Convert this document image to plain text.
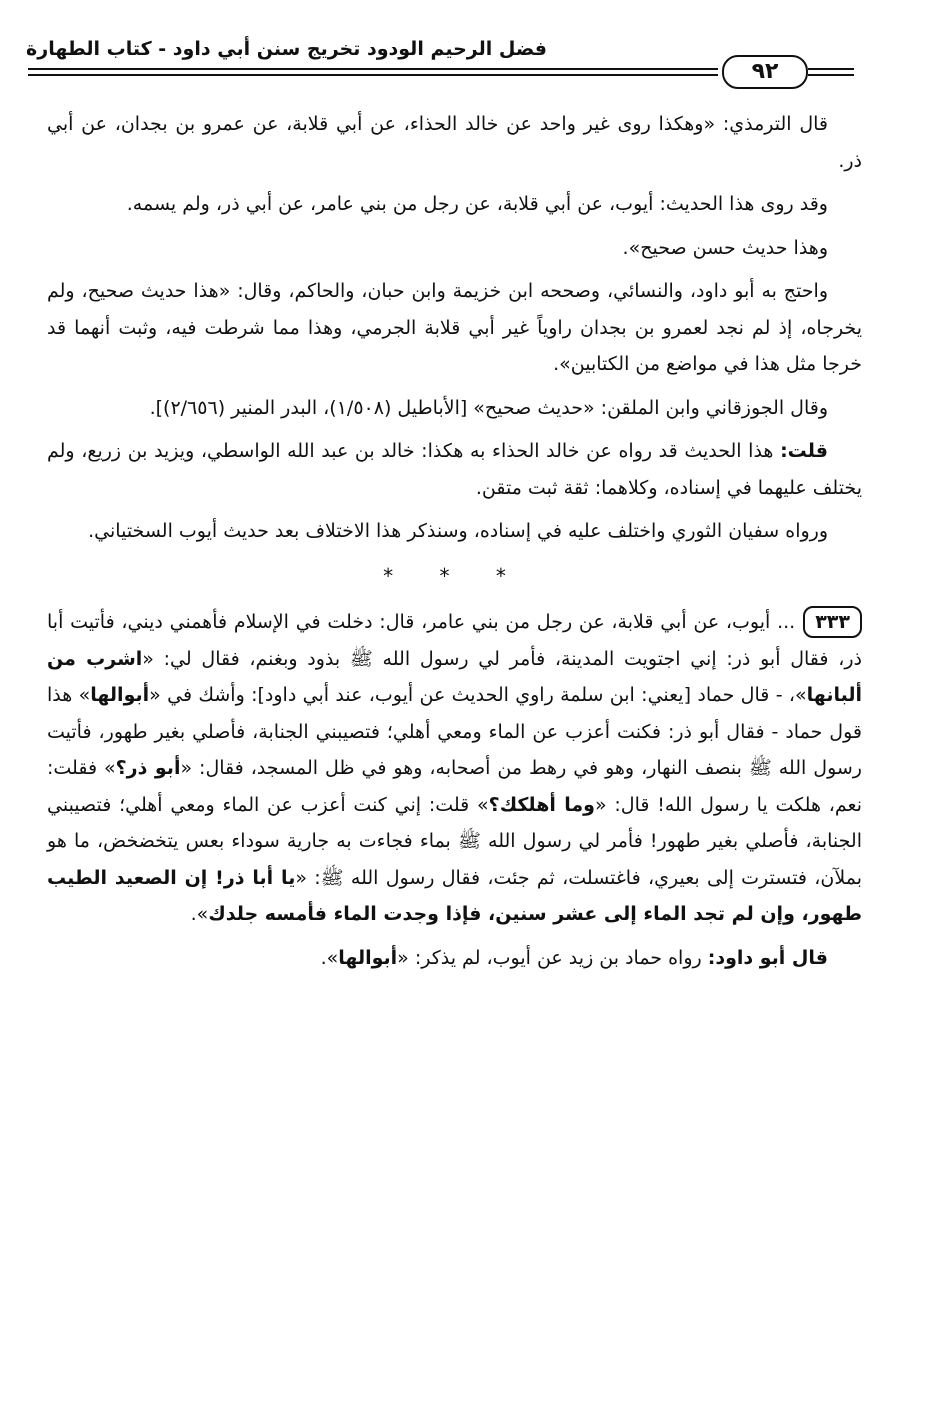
فضل الرحيم الودود تخريج سنن أبي داود - كتاب الطهارة
٩٢

قال الترمذي: «وهكذا روى غير واحد عن خالد الحذاء، عن أبي قلابة، عن عمرو بن بجدان، عن أبي ذر.

وقد روى هذا الحديث: أيوب، عن أبي قلابة، عن رجل من بني عامر، عن أبي ذر، ولم يسمه.

وهذا حديث حسن صحيح».

واحتج به أبو داود، والنسائي، وصححه ابن خزيمة وابن حبان، والحاكم، وقال: «هذا حديث صحيح، ولم يخرجاه، إذ لم نجد لعمرو بن بجدان راوياً غير أبي قلابة الجرمي، وهذا مما شرطت فيه، وثبت أنهما قد خرجا مثل هذا في مواضع من الكتابين».

وقال الجوزقاني وابن الملقن: «حديث صحيح» [الأباطيل (١/٥٠٨)، البدر المنير (٢/٦٥٦)].

قلت: هذا الحديث قد رواه عن خالد الحذاء به هكذا: خالد بن عبد الله الواسطي، ويزيد بن زريع، ولم يختلف عليهما في إسناده، وكلاهما: ثقة ثبت متقن.

ورواه سفيان الثوري واختلف عليه في إسناده، وسنذكر هذا الاختلاف بعد حديث أيوب السختياني.

* * *

٣٣٣... أيوب، عن أبي قلابة، عن رجل من بني عامر، قال: دخلت في الإسلام فأهمني ديني، فأتيت أبا ذر، فقال أبو ذر: إني اجتويت المدينة، فأمر لي رسول الله ﷺ بذود وبغنم، فقال لي: «اشرب من ألبانها»، - قال حماد [يعني: ابن سلمة راوي الحديث عن أيوب، عند أبي داود]: وأشك في «أبوالها» هذا قول حماد - فقال أبو ذر: فكنت أعزب عن الماء ومعي أهلي؛ فتصيبني الجنابة، فأصلي بغير طهور، فأتيت رسول الله ﷺ بنصف النهار، وهو في رهط من أصحابه، وهو في ظل المسجد، فقال: «أبو ذر؟» فقلت: نعم، هلكت يا رسول الله! قال: «وما أهلكك؟» قلت: إني كنت أعزب عن الماء ومعي أهلي؛ فتصيبني الجنابة، فأصلي بغير طهور! فأمر لي رسول الله ﷺ بماء فجاءت به جارية سوداء بعس يتخضخض، ما هو بملآن، فتسترت إلى بعيري، فاغتسلت، ثم جئت، فقال رسول الله ﷺ: «يا أبا ذر! إن الصعيد الطيب طهور، وإن لم تجد الماء إلى عشر سنين، فإذا وجدت الماء فأمسه جلدك».

قال أبو داود: رواه حماد بن زيد عن أيوب، لم يذكر: «أبوالها».
